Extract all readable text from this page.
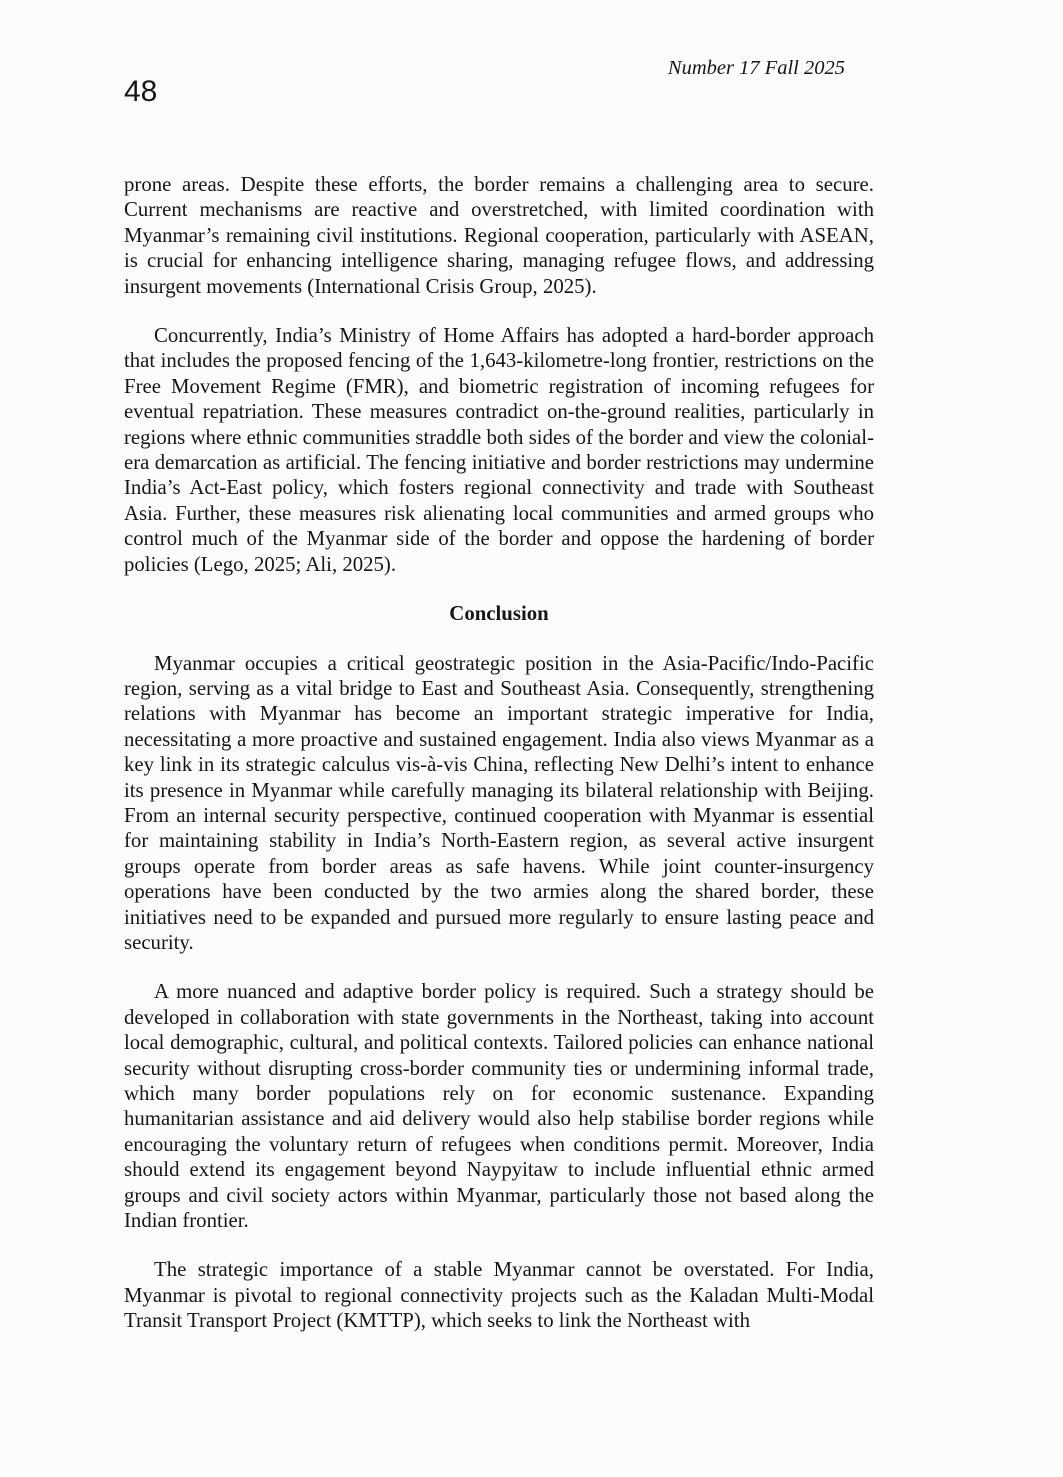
Number 17 Fall 2025
48

prone areas. Despite these efforts, the border remains a challenging area to secure. Current mechanisms are reactive and overstretched, with limited coordination with Myanmar’s remaining civil institutions. Regional cooperation, particularly with ASEAN, is crucial for enhancing intelligence sharing, managing refugee flows, and addressing insurgent movements (International Crisis Group, 2025).

Concurrently, India’s Ministry of Home Affairs has adopted a hard-border approach that includes the proposed fencing of the 1,643-kilometre-long frontier, restrictions on the Free Movement Regime (FMR), and biometric registration of incoming refugees for eventual repatriation. These measures contradict on-the-ground realities, particularly in regions where ethnic communities straddle both sides of the border and view the colonial-era demarcation as artificial. The fencing initiative and border restrictions may undermine India’s Act-East policy, which fosters regional connectivity and trade with Southeast Asia. Further, these measures risk alienating local communities and armed groups who control much of the Myanmar side of the border and oppose the hardening of border policies (Lego, 2025; Ali, 2025).

Conclusion

Myanmar occupies a critical geostrategic position in the Asia-Pacific/Indo-Pacific region, serving as a vital bridge to East and Southeast Asia. Consequently, strengthening relations with Myanmar has become an important strategic imperative for India, necessitating a more proactive and sustained engagement. India also views Myanmar as a key link in its strategic calculus vis-à-vis China, reflecting New Delhi’s intent to enhance its presence in Myanmar while carefully managing its bilateral relationship with Beijing. From an internal security perspective, continued cooperation with Myanmar is essential for maintaining stability in India’s North-Eastern region, as several active insurgent groups operate from border areas as safe havens. While joint counter-insurgency operations have been conducted by the two armies along the shared border, these initiatives need to be expanded and pursued more regularly to ensure lasting peace and security.

A more nuanced and adaptive border policy is required. Such a strategy should be developed in collaboration with state governments in the Northeast, taking into account local demographic, cultural, and political contexts. Tailored policies can enhance national security without disrupting cross-border community ties or undermining informal trade, which many border populations rely on for economic sustenance. Expanding humanitarian assistance and aid delivery would also help stabilise border regions while encouraging the voluntary return of refugees when conditions permit. Moreover, India should extend its engagement beyond Naypyitaw to include influential ethnic armed groups and civil society actors within Myanmar, particularly those not based along the Indian frontier.

The strategic importance of a stable Myanmar cannot be overstated. For India, Myanmar is pivotal to regional connectivity projects such as the Kaladan Multi-Modal Transit Transport Project (KMTTP), which seeks to link the Northeast with
